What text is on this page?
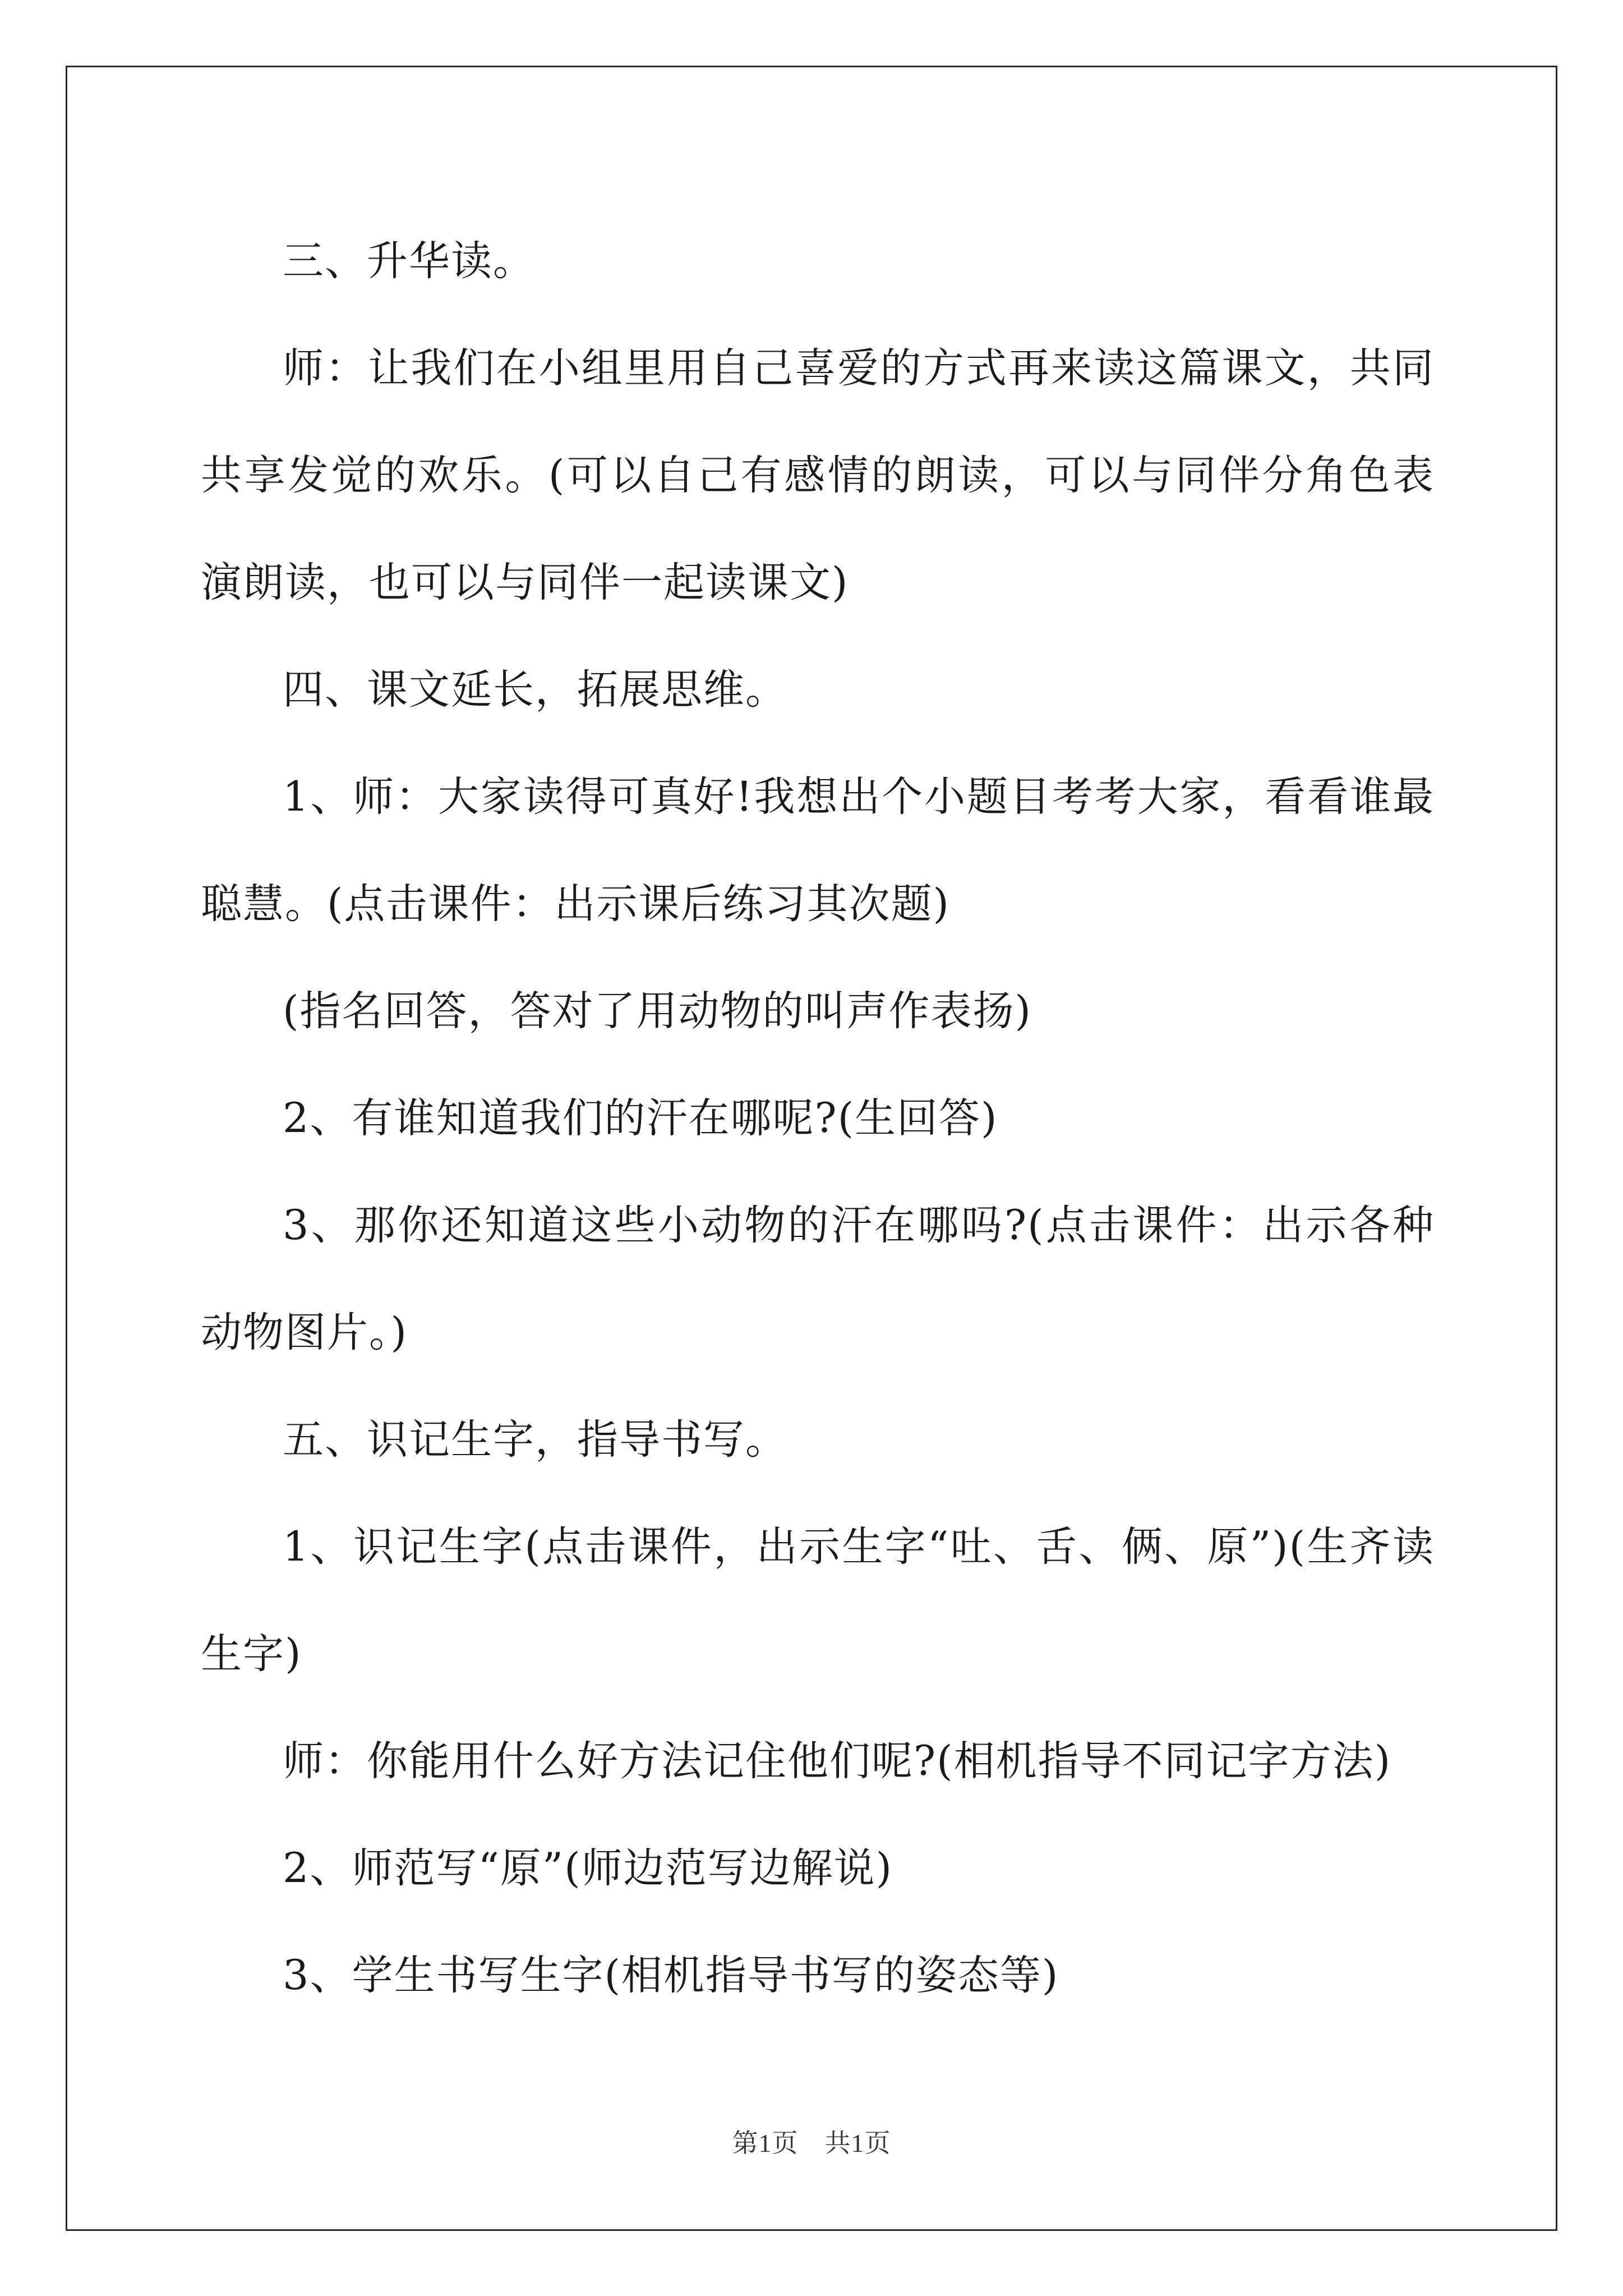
三、升华读。

师：让我们在小组里用自己喜爱的方式再来读这篇课文，共同共享发觉的欢乐。(可以自己有感情的朗读，可以与同伴分角色表演朗读，也可以与同伴一起读课文)

四、课文延长，拓展思维。

1、师：大家读得可真好!我想出个小题目考考大家，看看谁最聪慧。(点击课件：出示课后练习其次题)

(指名回答，答对了用动物的叫声作表扬)

2、有谁知道我们的汗在哪呢?(生回答)

3、那你还知道这些小动物的汗在哪吗?(点击课件：出示各种动物图片。)

五、识记生字，指导书写。

1、识记生字(点击课件，出示生字“吐、舌、俩、原”)(生齐读生字)

师：你能用什么好方法记住他们呢?(相机指导不同记字方法)

2、师范写“原”(师边范写边解说)

3、学生书写生字(相机指导书写的姿态等)

第1页　共1页
